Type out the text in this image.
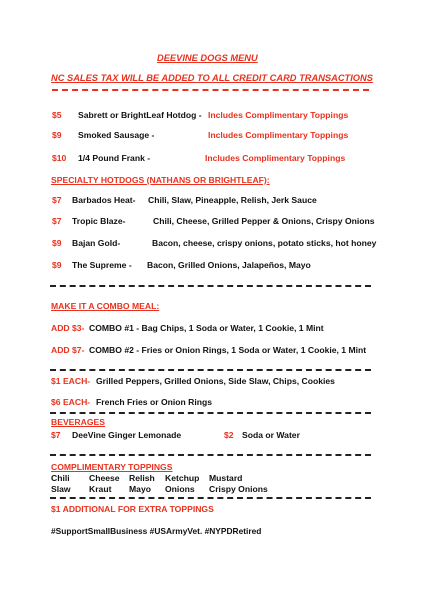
DEEVINE DOGS MENU
NC SALES TAX WILL BE ADDED TO ALL CREDIT CARD TRANSACTIONS
$5 Sabrett or BrightLeaf Hotdog - Includes Complimentary Toppings
$9 Smoked Sausage -	Includes Complimentary Toppings
$10 1/4 Pound Frank -	Includes Complimentary Toppings
SPECIALTY HOTDOGS (NATHANS OR BRIGHTLEAF):
$7 Barbados Heat- Chili, Slaw, Pineapple, Relish, Jerk Sauce
$7 Tropic Blaze-	Chili, Cheese, Grilled Pepper & Onions, Crispy Onions
$9 Bajan Gold-	Bacon, cheese, crispy onions, potato sticks, hot honey
$9 The Supreme - Bacon, Grilled Onions, Jalapeños, Mayo
MAKE IT A COMBO MEAL:
ADD $3- COMBO #1 - Bag Chips, 1 Soda or Water, 1 Cookie, 1 Mint
ADD $7- COMBO #2 - Fries or Onion Rings, 1 Soda or Water, 1 Cookie, 1 Mint
$1 EACH- Grilled Peppers, Grilled Onions, Side Slaw, Chips, Cookies
$6 EACH- French Fries or Onion Rings
BEVERAGES
$7 DeeVine Ginger Lemonade	$2 Soda or Water
COMPLIMENTARY TOPPINGS
Chili Cheese Relish Ketchup Mustard
Slaw Kraut Mayo Onions Crispy Onions
$1 ADDITIONAL FOR EXTRA TOPPINGS
#SupportSmallBusiness #USArmyVet. #NYPDRetired
